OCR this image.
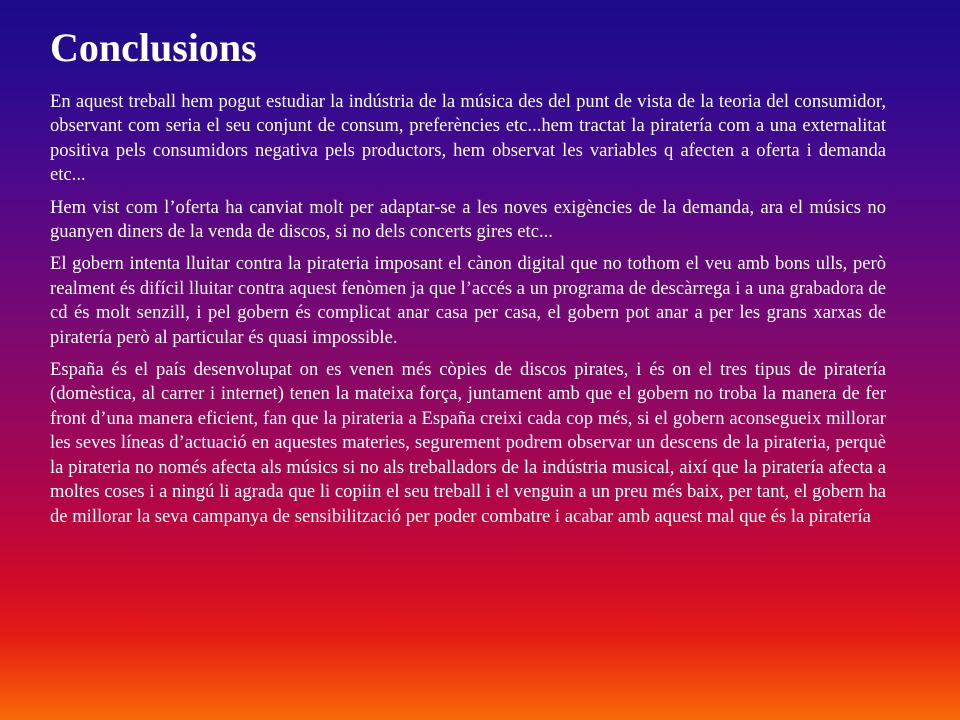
Conclusions

En aquest treball hem pogut estudiar la indústria de la música des del punt de vista de la teoria del consumidor, observant com seria el seu conjunt de consum, preferències etc...hem tractat la piratería com a una externalitat positiva pels consumidors negativa pels productors, hem observat les variables q afecten a oferta i demanda etc...

Hem vist com l’oferta ha canviat molt per adaptar-se a les noves exigències de la demanda, ara el músics no guanyen diners de la venda de discos, si no dels concerts gires etc...

El gobern intenta lluitar contra la pirateria imposant el cànon digital que no tothom el veu amb bons ulls, però realment és difícil lluitar contra aquest fenòmen ja que l’accés a un programa de descàrrega i a una grabadora de cd és molt senzill, i pel gobern és complicat anar casa per casa, el gobern pot anar a per les grans xarxas de piratería però al particular és quasi impossible.

España és el país desenvolupat on es venen més còpies de discos pirates, i és on el tres tipus de piratería (domèstica, al carrer i internet) tenen la mateixa força, juntament amb que el gobern no troba la manera de fer front d’una manera eficient, fan que la pirateria a España creixi cada cop més, si el gobern aconsegueix millorar les seves líneas d’actuació en aquestes materies, segurement podrem observar un descens de la pirateria, perquè la pirateria no només afecta als músics si no als treballadors de la indústria musical, així que la piratería afecta a moltes coses i a ningú li agrada que li copiin el seu treball i el venguin a un preu més baix, per tant, el gobern ha de millorar la seva campanya de sensibilització per poder combatre i acabar amb aquest mal que és la piratería
